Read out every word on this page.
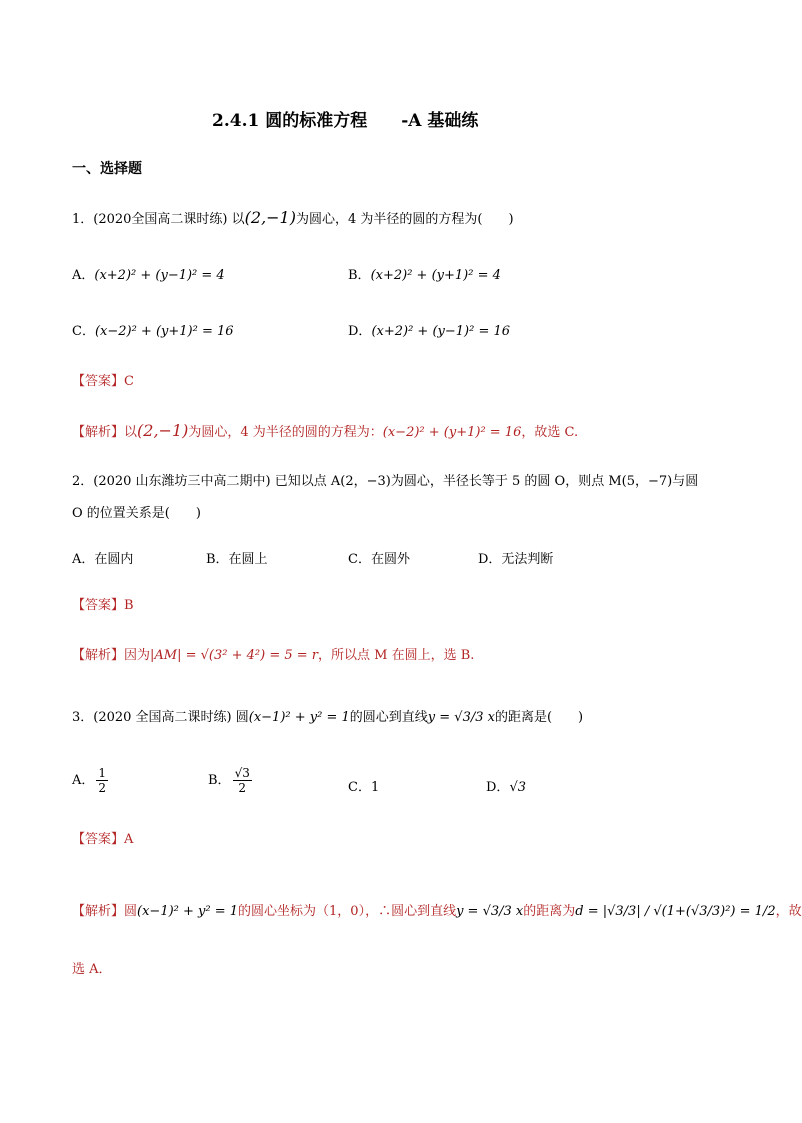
2.4.1 圆的标准方程 -A 基础练
一、选择题
1．(2020全国高二课时练) 以(2,−1)为圆心，4 为半径的圆的方程为(　　)
A．(x+2)² + (y−1)² = 4	B．(x+2)² + (y+1)² = 4
C．(x−2)² + (y+1)² = 16	D．(x+2)² + (y−1)² = 16
【答案】C
【解析】以(2,−1)为圆心，4 为半径的圆的方程为：(x−2)² + (y+1)² = 16，故选 C.
2．(2020 山东潍坊三中高二期中) 已知以点 A(2，−3)为圆心，半径长等于 5 的圆 O，则点 M(5，−7)与圆
O 的位置关系是(　　)
A．在圆内	B．在圆上	C．在圆外	D．无法判断
【答案】B
【解析】因为|AM| = √(3² + 4²) = 5 = r，所以点 M 在圆上，选 B.
3．(2020 全国高二课时练) 圆(x−1)² + y² = 1的圆心到直线y = √3/3 x的距离是(　　)
A． $\frac{1}{2}$	B． $\frac{√3}{2}$	C．1	D．√3
【答案】A
【解析】圆(x−1)² + y² = 1的圆心坐标为（1，0），∴圆心到直线y = √3/3 x的距离为d = |√3/3| / √(1+(√3/3)²) = 1/2，故
选 A．
